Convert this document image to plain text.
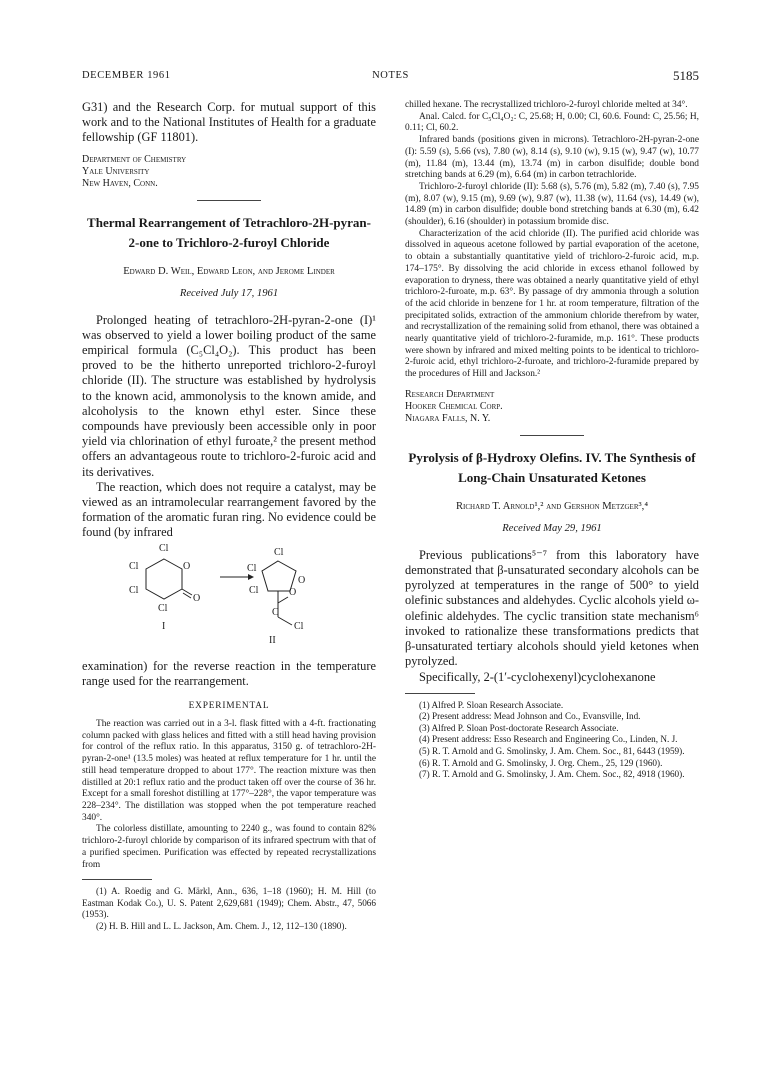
DECEMBER 1961	NOTES	5185

G31) and the Research Corp. for mutual support of this work and to the National Institutes of Health for a graduate fellowship (GF 11801).

Department of Chemistry

Yale University

New Haven, Conn.

Thermal Rearrangement of Tetrachloro-2H-pyran-2-one to Trichloro-2-furoyl Chloride

Edward D. Weil, Edward Leon, and Jerome Linder

Received July 17, 1961

Prolonged heating of tetrachloro-2H-pyran-2-one (I)¹ was observed to yield a lower boiling product of the same empirical formula (C₅Cl₄O₂). This product has been proved to be the hitherto unreported trichloro-2-furoyl chloride (II). The structure was established by hydrolysis to the known acid, ammonolysis to the known amide, and alcoholysis to the known ethyl ester. Since these compounds have previously been accessible only in poor yield via chlorination of ethyl furoate,² the present method offers an advantageous route to trichloro-2-furoic acid and its derivatives.

The reaction, which does not require a catalyst, may be viewed as an intramolecular rearrangement favored by the formation of the aromatic furan ring. No evidence could be found (by infrared

Cl
Cl	O
Cl
O
Cl
I
Cl
Cl
O
Cl	O
C
Cl
II

examination) for the reverse reaction in the temperature range used for the rearrangement.

EXPERIMENTAL

The reaction was carried out in a 3-l. flask fitted with a 4-ft. fractionating column packed with glass helices and fitted with a still head having provision for control of the reflux ratio. In this apparatus, 3150 g. of tetrachloro-2H-pyran-2-one¹ (13.5 moles) was heated at reflux temperature for 1 hr. until the still head temperature dropped to about 177°. The reaction mixture was then distilled at 20:1 reflux ratio and the product taken off over the course of 36 hr. Except for a small foreshot distilling at 177°–228°, the vapor temperature was 228–234°. The distillation was stopped when the pot temperature reached 340°.

The colorless distillate, amounting to 2240 g., was found to contain 82% trichloro-2-furoyl chloride by comparison of its infrared spectrum with that of a purified specimen. Purification was effected by repeated recrystallizations from

(1) A. Roedig and G. Märkl, Ann., 636, 1–18 (1960); H. M. Hill (to Eastman Kodak Co.), U. S. Patent 2,629,681 (1949); Chem. Abstr., 47, 5066 (1953).

(2) H. B. Hill and L. L. Jackson, Am. Chem. J., 12, 112–130 (1890).

chilled hexane. The recrystallized trichloro-2-furoyl chloride melted at 34°.

Anal. Calcd. for C₅Cl₄O₂: C, 25.68; H, 0.00; Cl, 60.6. Found: C, 25.56; H, 0.11; Cl, 60.2.

Infrared bands (positions given in microns). Tetrachloro-2H-pyran-2-one (I): 5.59 (s), 5.66 (vs), 7.80 (w), 8.14 (s), 9.10 (w), 9.15 (w), 9.47 (w), 10.77 (m), 11.84 (m), 13.44 (m), 13.74 (m) in carbon disulfide; double bond stretching bands at 6.29 (m), 6.64 (m) in carbon tetrachloride.

Trichloro-2-furoyl chloride (II): 5.68 (s), 5.76 (m), 5.82 (m), 7.40 (s), 7.95 (m), 8.07 (w), 9.15 (m), 9.69 (w), 9.87 (w), 11.38 (w), 11.64 (vs), 14.49 (w), 14.89 (m) in carbon disulfide; double bond stretching bands at 6.30 (m), 6.42 (shoulder), 6.16 (shoulder) in potassium bromide disc.

Characterization of the acid chloride (II). The purified acid chloride was dissolved in aqueous acetone followed by partial evaporation of the acetone, to obtain a substantially quantitative yield of trichloro-2-furoic acid, m.p. 174–175°. By dissolving the acid chloride in excess ethanol followed by evaporation to dryness, there was obtained a nearly quantitative yield of ethyl trichloro-2-furoate, m.p. 63°. By passage of dry ammonia through a solution of the acid chloride in benzene for 1 hr. at room temperature, filtration of the precipitated solids, extraction of the ammonium chloride therefrom by water, and recrystallization of the remaining solid from ethanol, there was obtained a nearly quantitative yield of trichloro-2-furamide, m.p. 161°. These products were shown by infrared and mixed melting points to be identical to trichloro-2-furoic acid, ethyl trichloro-2-furoate, and trichloro-2-furamide prepared by the procedures of Hill and Jackson.²

Research Department

Hooker Chemical Corp.

Niagara Falls, N. Y.

Pyrolysis of β-Hydroxy Olefins. IV. The Synthesis of Long-Chain Unsaturated Ketones

Richard T. Arnold¹,² and Gershon Metzger³,⁴

Received May 29, 1961

Previous publications⁵⁻⁷ from this laboratory have demonstrated that β-unsaturated secondary alcohols can be pyrolyzed at temperatures in the range of 500° to yield olefinic substances and aldehydes. Cyclic alcohols yield ω-olefinic aldehydes. The cyclic transition state mechanism⁶ invoked to rationalize these transformations predicts that β-unsaturated tertiary alcohols should yield ketones when pyrolyzed.

Specifically, 2-(1′-cyclohexenyl)cyclohexanone

(1) Alfred P. Sloan Research Associate.

(2) Present address: Mead Johnson and Co., Evansville, Ind.

(3) Alfred P. Sloan Post-doctorate Research Associate.

(4) Present address: Esso Research and Engineering Co., Linden, N. J.

(5) R. T. Arnold and G. Smolinsky, J. Am. Chem. Soc., 81, 6443 (1959).

(6) R. T. Arnold and G. Smolinsky, J. Org. Chem., 25, 129 (1960).

(7) R. T. Arnold and G. Smolinsky, J. Am. Chem. Soc., 82, 4918 (1960).
